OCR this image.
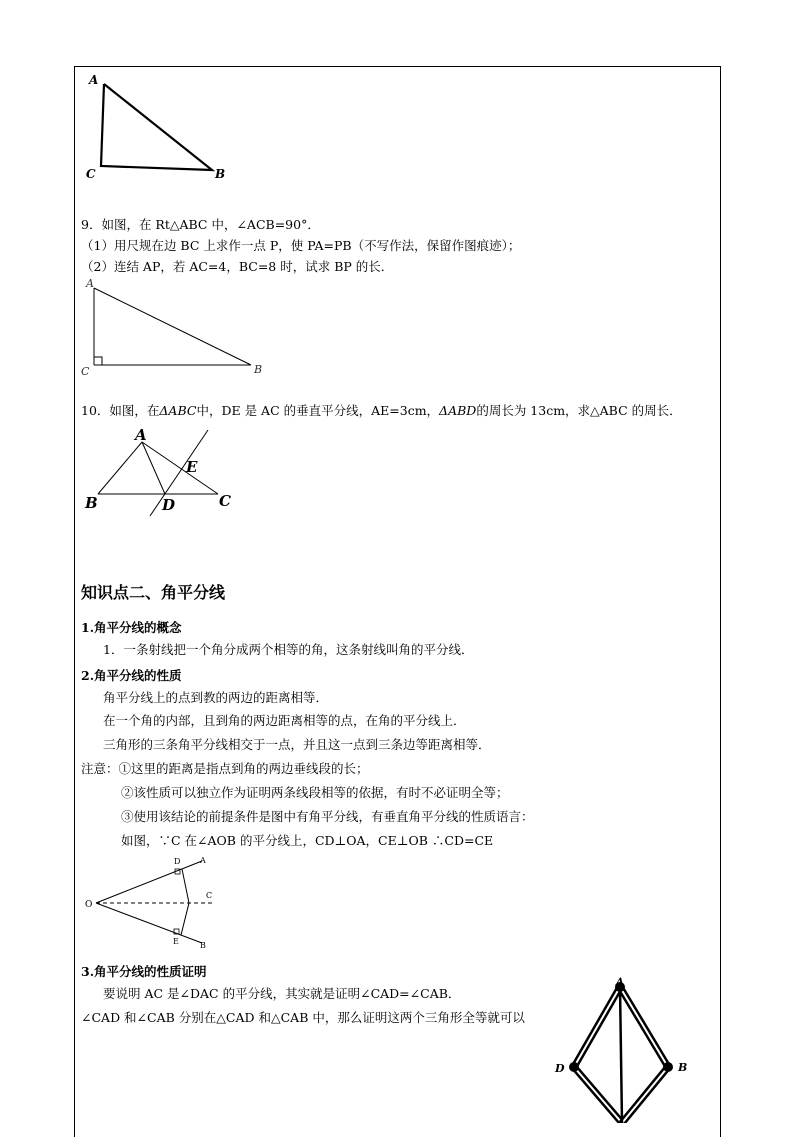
A
C	B
9．如图，在 Rt△ABC 中，∠ACB=90°．
（1）用尺规在边 BC 上求作一点 P，使 PA=PB（不写作法，保留作图痕迹）；
（2）连结 AP，若 AC=4，BC=8 时，试求 BP 的长．
A
C	B
10．如图，在ΔABC中，DE 是 AC 的垂直平分线，AE=3cm，ΔABD的周长为 13cm，求△ABC 的周长．
A
B	C
D
E
知识点二、角平分线
1.角平分线的概念
1．一条射线把一个角分成两个相等的角，这条射线叫角的平分线．
2.角平分线的性质
角平分线上的点到教的两边的距离相等．
在一个角的内部，且到角的两边距离相等的点，在角的平分线上．
三角形的三条角平分线相交于一点，并且这一点到三条边等距离相等．
注意：①这里的距离是指点到角的两边垂线段的长；
②该性质可以独立作为证明两条线段相等的依据，有时不必证明全等；
③使用该结论的前提条件是图中有角平分线，有垂直角平分线的性质语言：
如图，∵C 在∠AOB 的平分线上，CD⊥OA，CE⊥OB ∴CD=CE
O
A
B
C
D
E
3.角平分线的性质证明
要说明 AC 是∠DAC 的平分线，其实就是证明∠CAD=∠CAB．
∠CAD 和∠CAB 分别在△CAD 和△CAB 中，那么证明这两个三角形全等就可以
A
D	B
